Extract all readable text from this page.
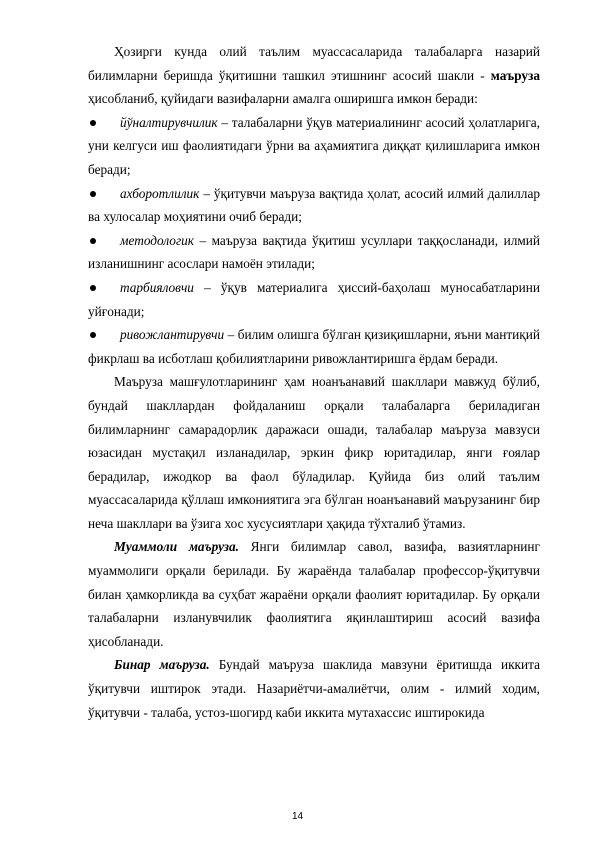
Ҳозирги кунда олий таълим муассасаларида талабаларга назарий билимларни беришда ўқитишни ташкил этишнинг асосий шакли - маъруза ҳисобланиб, қуйидаги вазифаларни амалга оширишга имкон беради:

йўналтирувчилик – талабаларни ўқув материалининг асосий ҳолатларига, уни келгуси иш фаолиятидаги ўрни ва аҳамиятига диққат қилишларига имкон беради;

ахборотлилик – ўқитувчи маъруза вақтида ҳолат, асосий илмий далиллар ва хулосалар моҳиятини очиб беради;

методологик – маъруза вақтида ўқитиш усуллари таққосланади, илмий изланишнинг асослари намоён этилади;

тарбияловчи – ўқув материалига ҳиссий-баҳолаш муносабатларини уйғонади;

ривожлантирувчи – билим олишга бўлган қизиқишларни, яъни мантиқий фикрлаш ва исботлаш қобилиятларини ривожлантиришга ёрдам беради.

Маъруза машғулотларининг ҳам ноанъанавий шакллари мавжуд бўлиб, бундай шакллардан фойдаланиш орқали талабаларга бериладиган билимларнинг самарадорлик даражаси ошади, талабалар маъруза мавзуси юзасидан мустақил изланадилар, эркин фикр юритадилар, янги ғоялар берадилар, ижодкор ва фаол бўладилар. Қуйида биз олий таълим муассасаларида қўллаш имкониятига эга бўлган ноанъанавий маърузанинг бир неча шакллари ва ўзига хос хусусиятлари ҳақида тўхталиб ўтамиз.

Муаммоли маъруза. Янги билимлар савол, вазифа, вазиятларнинг муаммолиги орқали берилади. Бу жараёнда талабалар профессор-ўқитувчи билан ҳамкорликда ва суҳбат жараёни орқали фаолият юритадилар. Бу орқали талабаларни изланувчилик фаолиятига яқинлаштириш асосий вазифа ҳисобланади.

Бинар маъруза. Бундай маъруза шаклида мавзуни ёритишда иккита ўқитувчи иштирок этади. Назариётчи-амалиётчи, олим - илмий ходим, ўқитувчи - талаба, устоз-шогирд каби иккита мутахассис иштирокида

14
